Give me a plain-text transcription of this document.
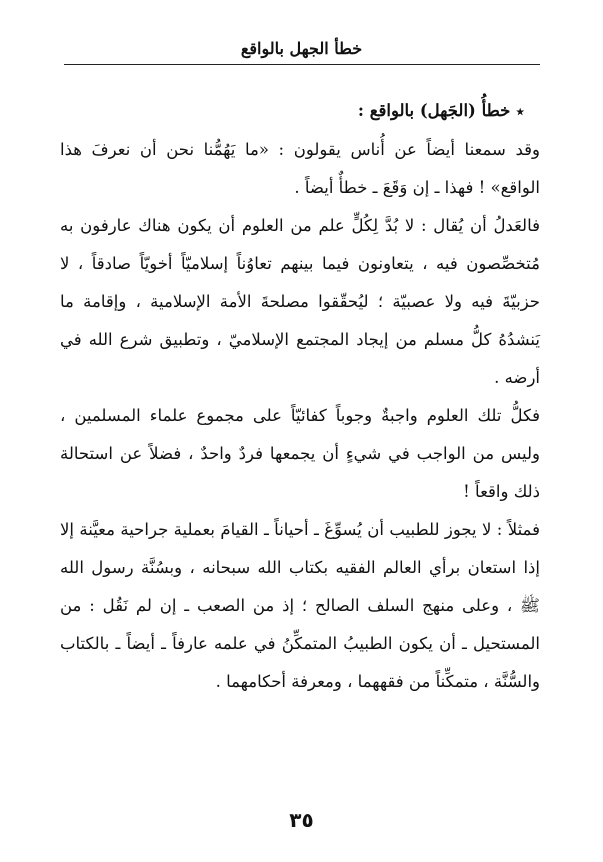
خطأ الجهل بالواقع
٭خطأُ (الجَهل) بالواقع :

وقد سمعنا أيضاً عن أُناس يقولون : «ما يَهُمُّنا نحن أن نعرفَ هذا الواقع» ! فهذا ـ إن وَقَعَ ـ خطأٌ أيضاً .

فالعَدلُ أن يُقال : لا بُدَّ لِكُلٍّ علم من العلوم أن يكون هناك عارفون به مُتخصِّصون فيه ، يتعاونون فيما بينهم تعاوُناً إسلاميّاً أخويّاً صادقاً ، لا حزبيّةَ فيه ولا عصبيّة ؛ ليُحقّقوا مصلحةَ الأمة الإسلامية ، وإقامة ما يَنشدُهُ كلُّ مسلم من إيجاد المجتمع الإسلاميّ ، وتطبيق شرع الله في أرضه .

فكلُّ تلك العلوم واجبةٌ وجوباً كفائيّاً على مجموع علماء المسلمين ، وليس من الواجب في شيءٍ أن يجمعها فردٌ واحدٌ ، فضلاً عن استحالة ذلك واقعاً !

فمثلاً : لا يجوز للطبيب أن يُسوِّغَ ـ أحياناً ـ القيامَ بعملية جراحية معيَّنة إلا إذا استعان برأي العالم الفقيه بكتاب الله سبحانه ، وبسُنَّة رسول الله ﷺ ، وعلى منهج السلف الصالح ؛ إذ من الصعب ـ إن لم نَقُل : من المستحيل ـ أن يكون الطبيبُ المتمكِّنُ في علمه عارفاً ـ أيضاً ـ بالكتاب والسُّنَّة ، متمكِّناً من فقههما ، ومعرفة أحكامهما .

٣٥
